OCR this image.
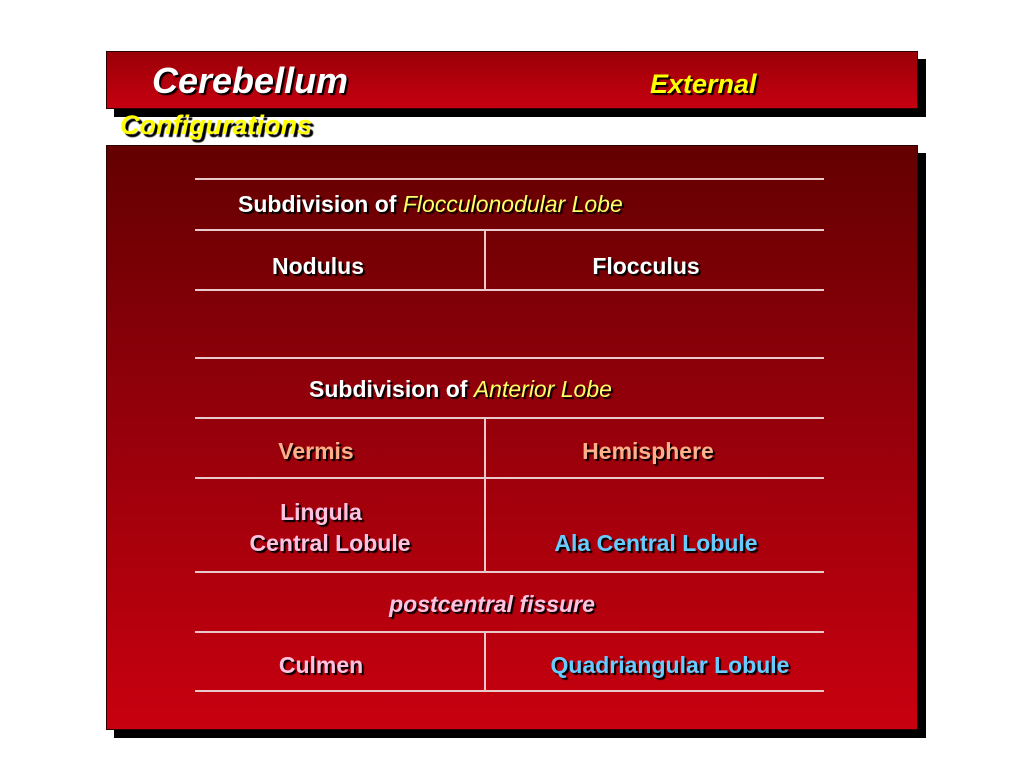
Cerebellum	External
Configurations
Subdivision of Flocculonodular Lobe
Nodulus	Flocculus
Subdivision of Anterior Lobe
Vermis	Hemisphere
Lingula
Central Lobule	Ala Central Lobule
postcentral fissure
Culmen	Quadriangular Lobule
